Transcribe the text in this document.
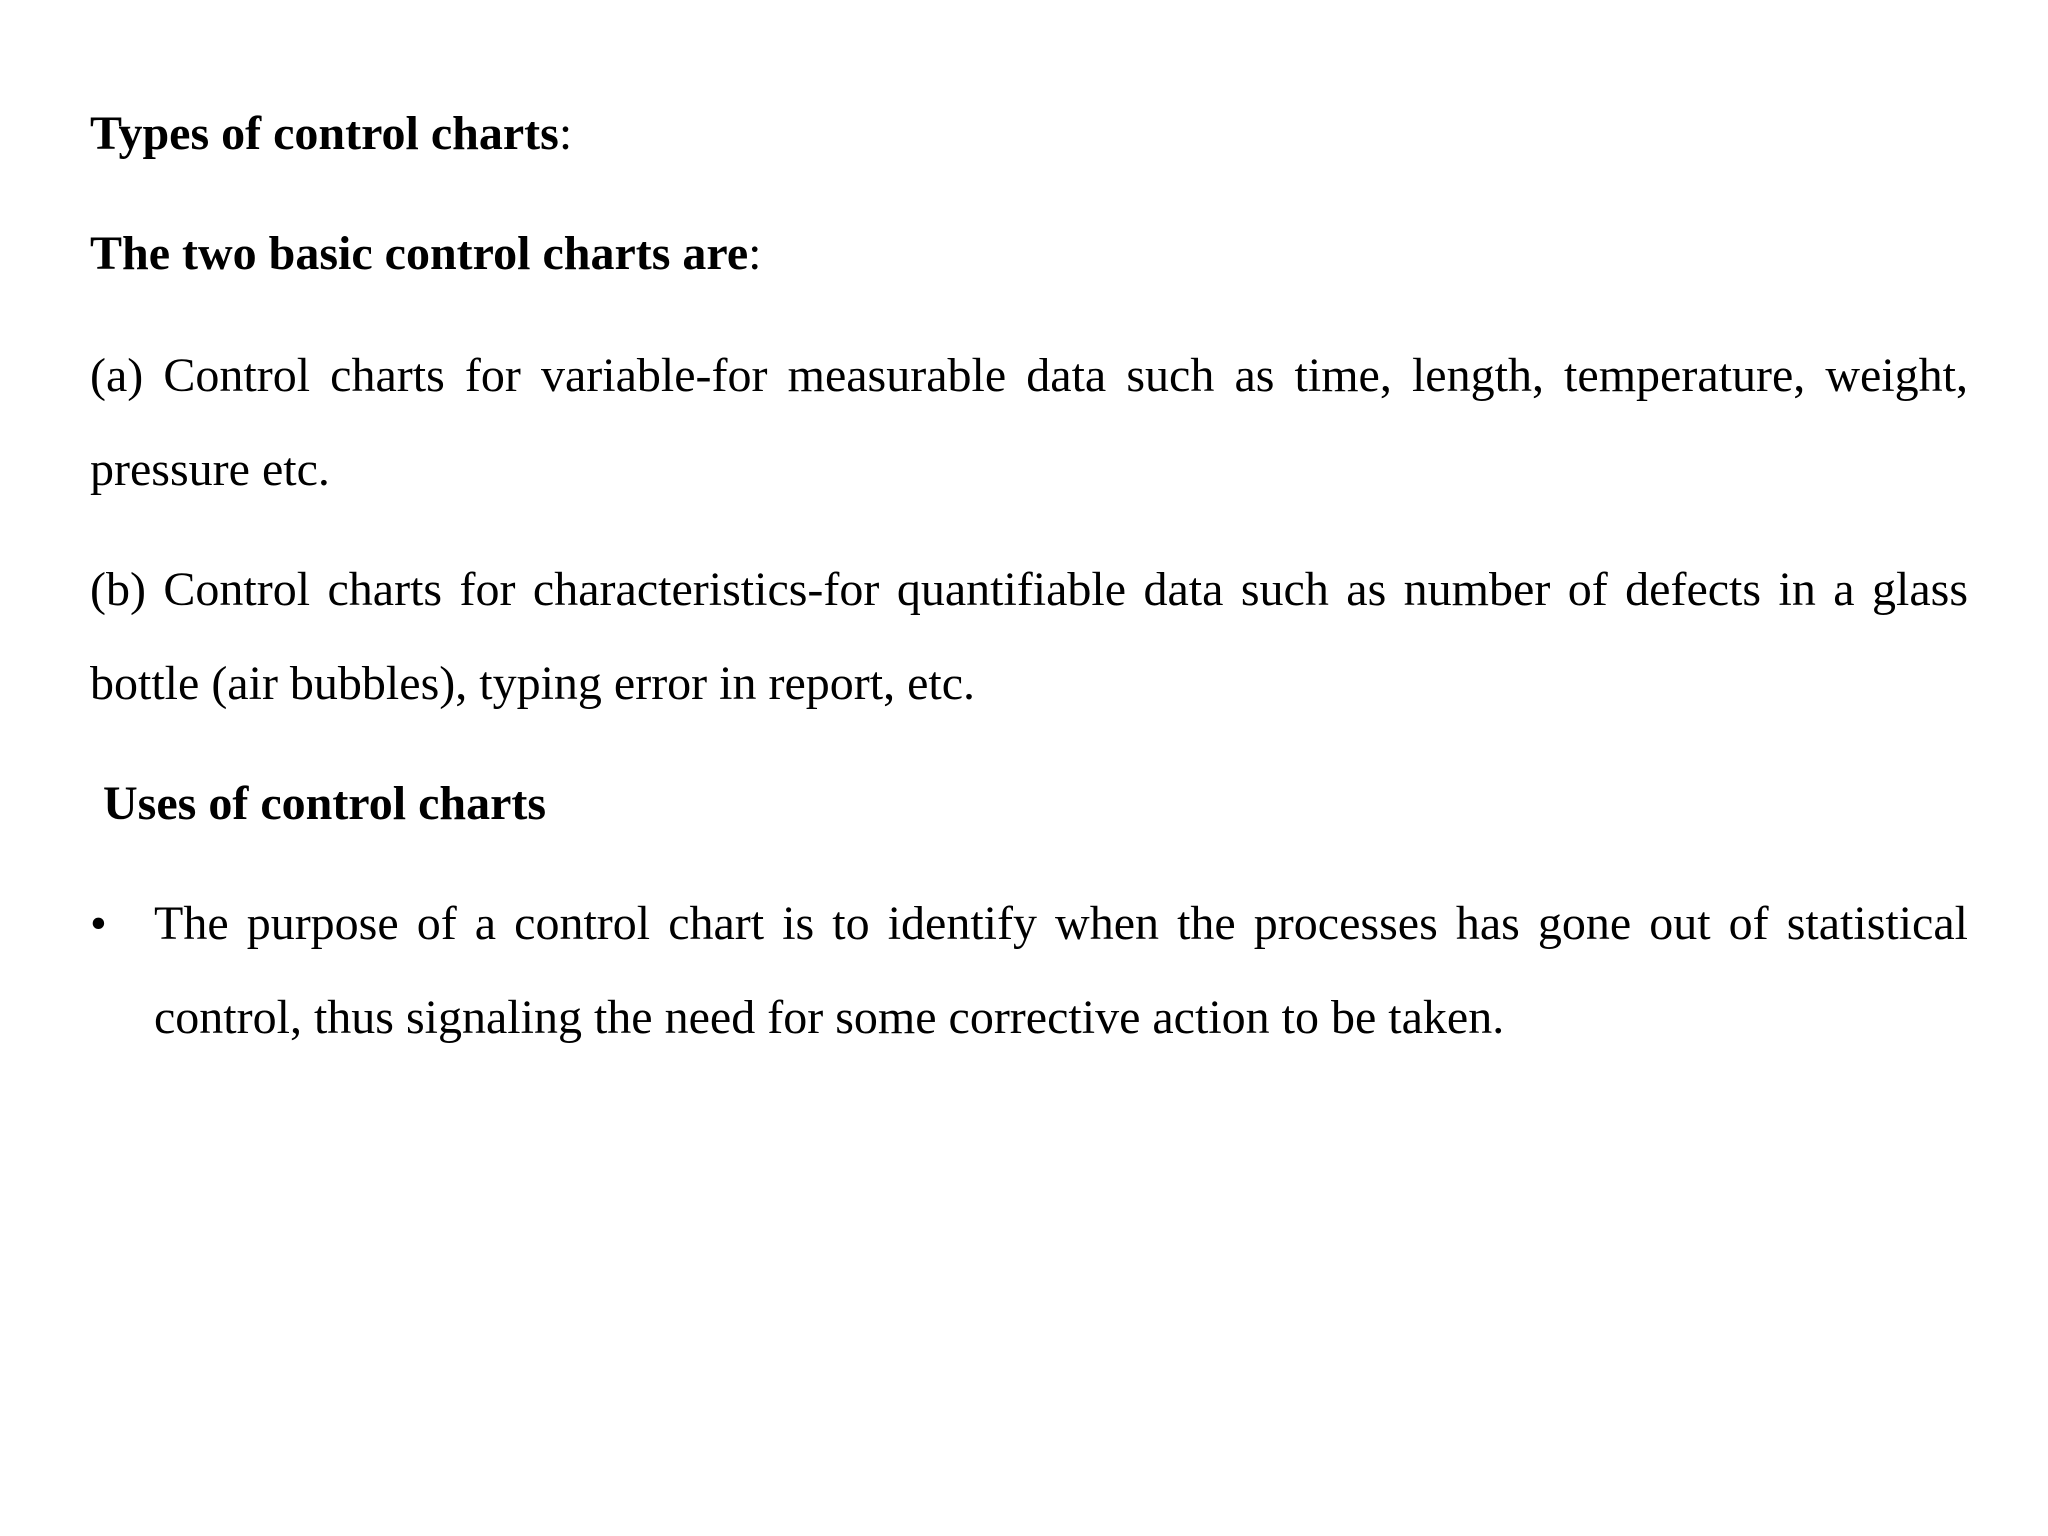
Types of control charts:
The two basic control charts are:
(a) Control charts for variable-for measurable data such as time, length, temperature, weight, pressure etc.
(b) Control charts for characteristics-for quantifiable data such as number of defects in a glass bottle (air bubbles), typing error in report, etc.
Uses of control charts
• The purpose of a control chart is to identify when the processes has gone out of statistical control, thus signaling the need for some corrective action to be taken.
